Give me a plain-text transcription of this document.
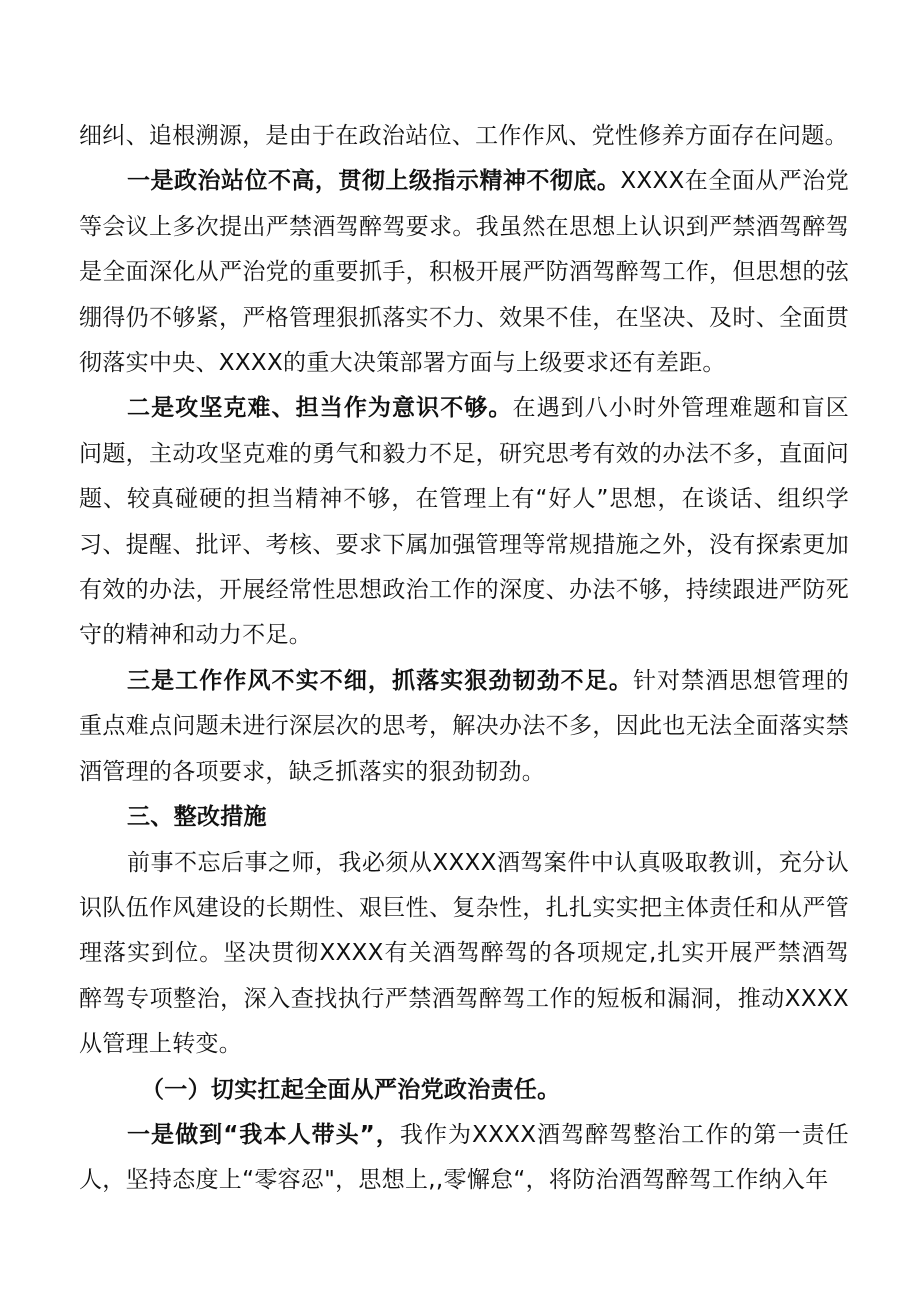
细纠、追根溯源，是由于在政治站位、工作作风、党性修养方面存在问题。

一是政治站位不高，贯彻上级指示精神不彻底。XXXX在全面从严治党等会议上多次提出严禁酒驾醉驾要求。我虽然在思想上认识到严禁酒驾醉驾是全面深化从严治党的重要抓手，积极开展严防酒驾醉驾工作，但思想的弦绷得仍不够紧，严格管理狠抓落实不力、效果不佳，在坚决、及时、全面贯彻落实中央、XXXX的重大决策部署方面与上级要求还有差距。

二是攻坚克难、担当作为意识不够。在遇到八小时外管理难题和盲区问题，主动攻坚克难的勇气和毅力不足，研究思考有效的办法不多，直面问题、较真碰硬的担当精神不够，在管理上有“好人”思想，在谈话、组织学习、提醒、批评、考核、要求下属加强管理等常规措施之外，没有探索更加有效的办法，开展经常性思想政治工作的深度、办法不够，持续跟进严防死守的精神和动力不足。

三是工作作风不实不细，抓落实狠劲韧劲不足。针对禁酒思想管理的重点难点问题未进行深层次的思考，解决办法不多，因此也无法全面落实禁酒管理的各项要求，缺乏抓落实的狠劲韧劲。

三、整改措施

前事不忘后事之师，我必须从XXXX酒驾案件中认真吸取教训，充分认识队伍作风建设的长期性、艰巨性、复杂性，扎扎实实把主体责任和从严管理落实到位。坚决贯彻XXXX有关酒驾醉驾的各项规定,扎实开展严禁酒驾醉驾专项整治，深入查找执行严禁酒驾醉驾工作的短板和漏洞，推动XXXX从管理上转变。

（一）切实扛起全面从严治党政治责任。

一是做到“我本人带头”，我作为XXXX酒驾醉驾整治工作的第一责任人，坚持态度上“零容忍"，思想上,,零懈怠“，将防治酒驾醉驾工作纳入年
